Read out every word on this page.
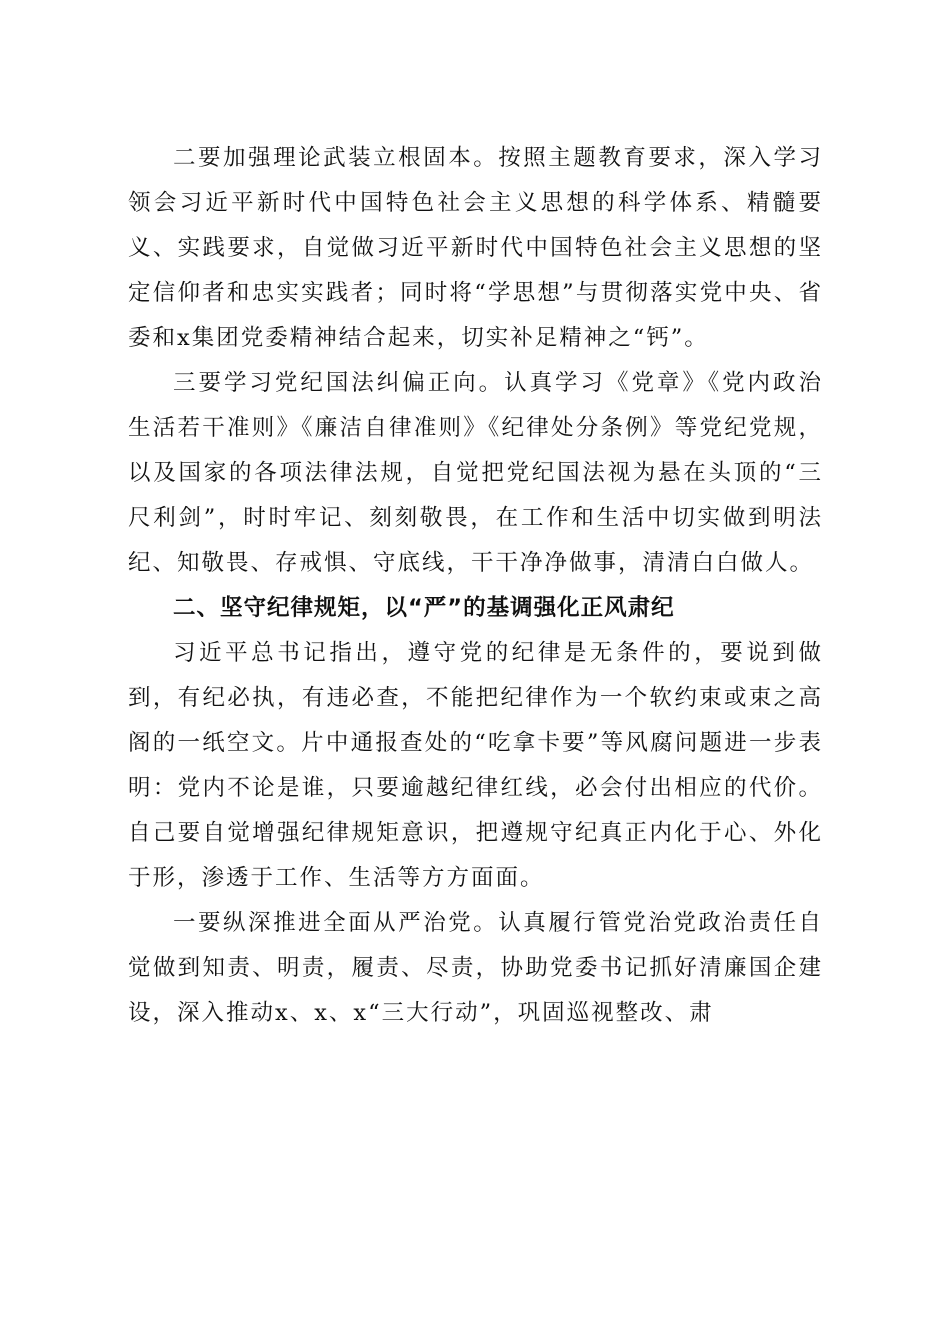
二要加强理论武装立根固本。按照主题教育要求，深入学习领会习近平新时代中国特色社会主义思想的科学体系、精髓要义、实践要求，自觉做习近平新时代中国特色社会主义思想的坚定信仰者和忠实实践者；同时将“学思想”与贯彻落实党中央、省委和x集团党委精神结合起来，切实补足精神之“钙”。

三要学习党纪国法纠偏正向。认真学习《党章》《党内政治生活若干准则》《廉洁自律准则》《纪律处分条例》等党纪党规，以及国家的各项法律法规，自觉把党纪国法视为悬在头顶的“三尺利剑”，时时牢记、刻刻敬畏，在工作和生活中切实做到明法纪、知敬畏、存戒惧、守底线，干干净净做事，清清白白做人。

二、坚守纪律规矩，以“严”的基调强化正风肃纪

习近平总书记指出，遵守党的纪律是无条件的，要说到做到，有纪必执，有违必查，不能把纪律作为一个软约束或束之高阁的一纸空文。片中通报查处的“吃拿卡要”等风腐问题进一步表明：党内不论是谁，只要逾越纪律红线，必会付出相应的代价。自己要自觉增强纪律规矩意识，把遵规守纪真正内化于心、外化于形，渗透于工作、生活等方方面面。

一要纵深推进全面从严治党。认真履行管党治党政治责任自觉做到知责、明责，履责、尽责，协助党委书记抓好清廉国企建设，深入推动x、x、x“三大行动”，巩固巡视整改、肃
